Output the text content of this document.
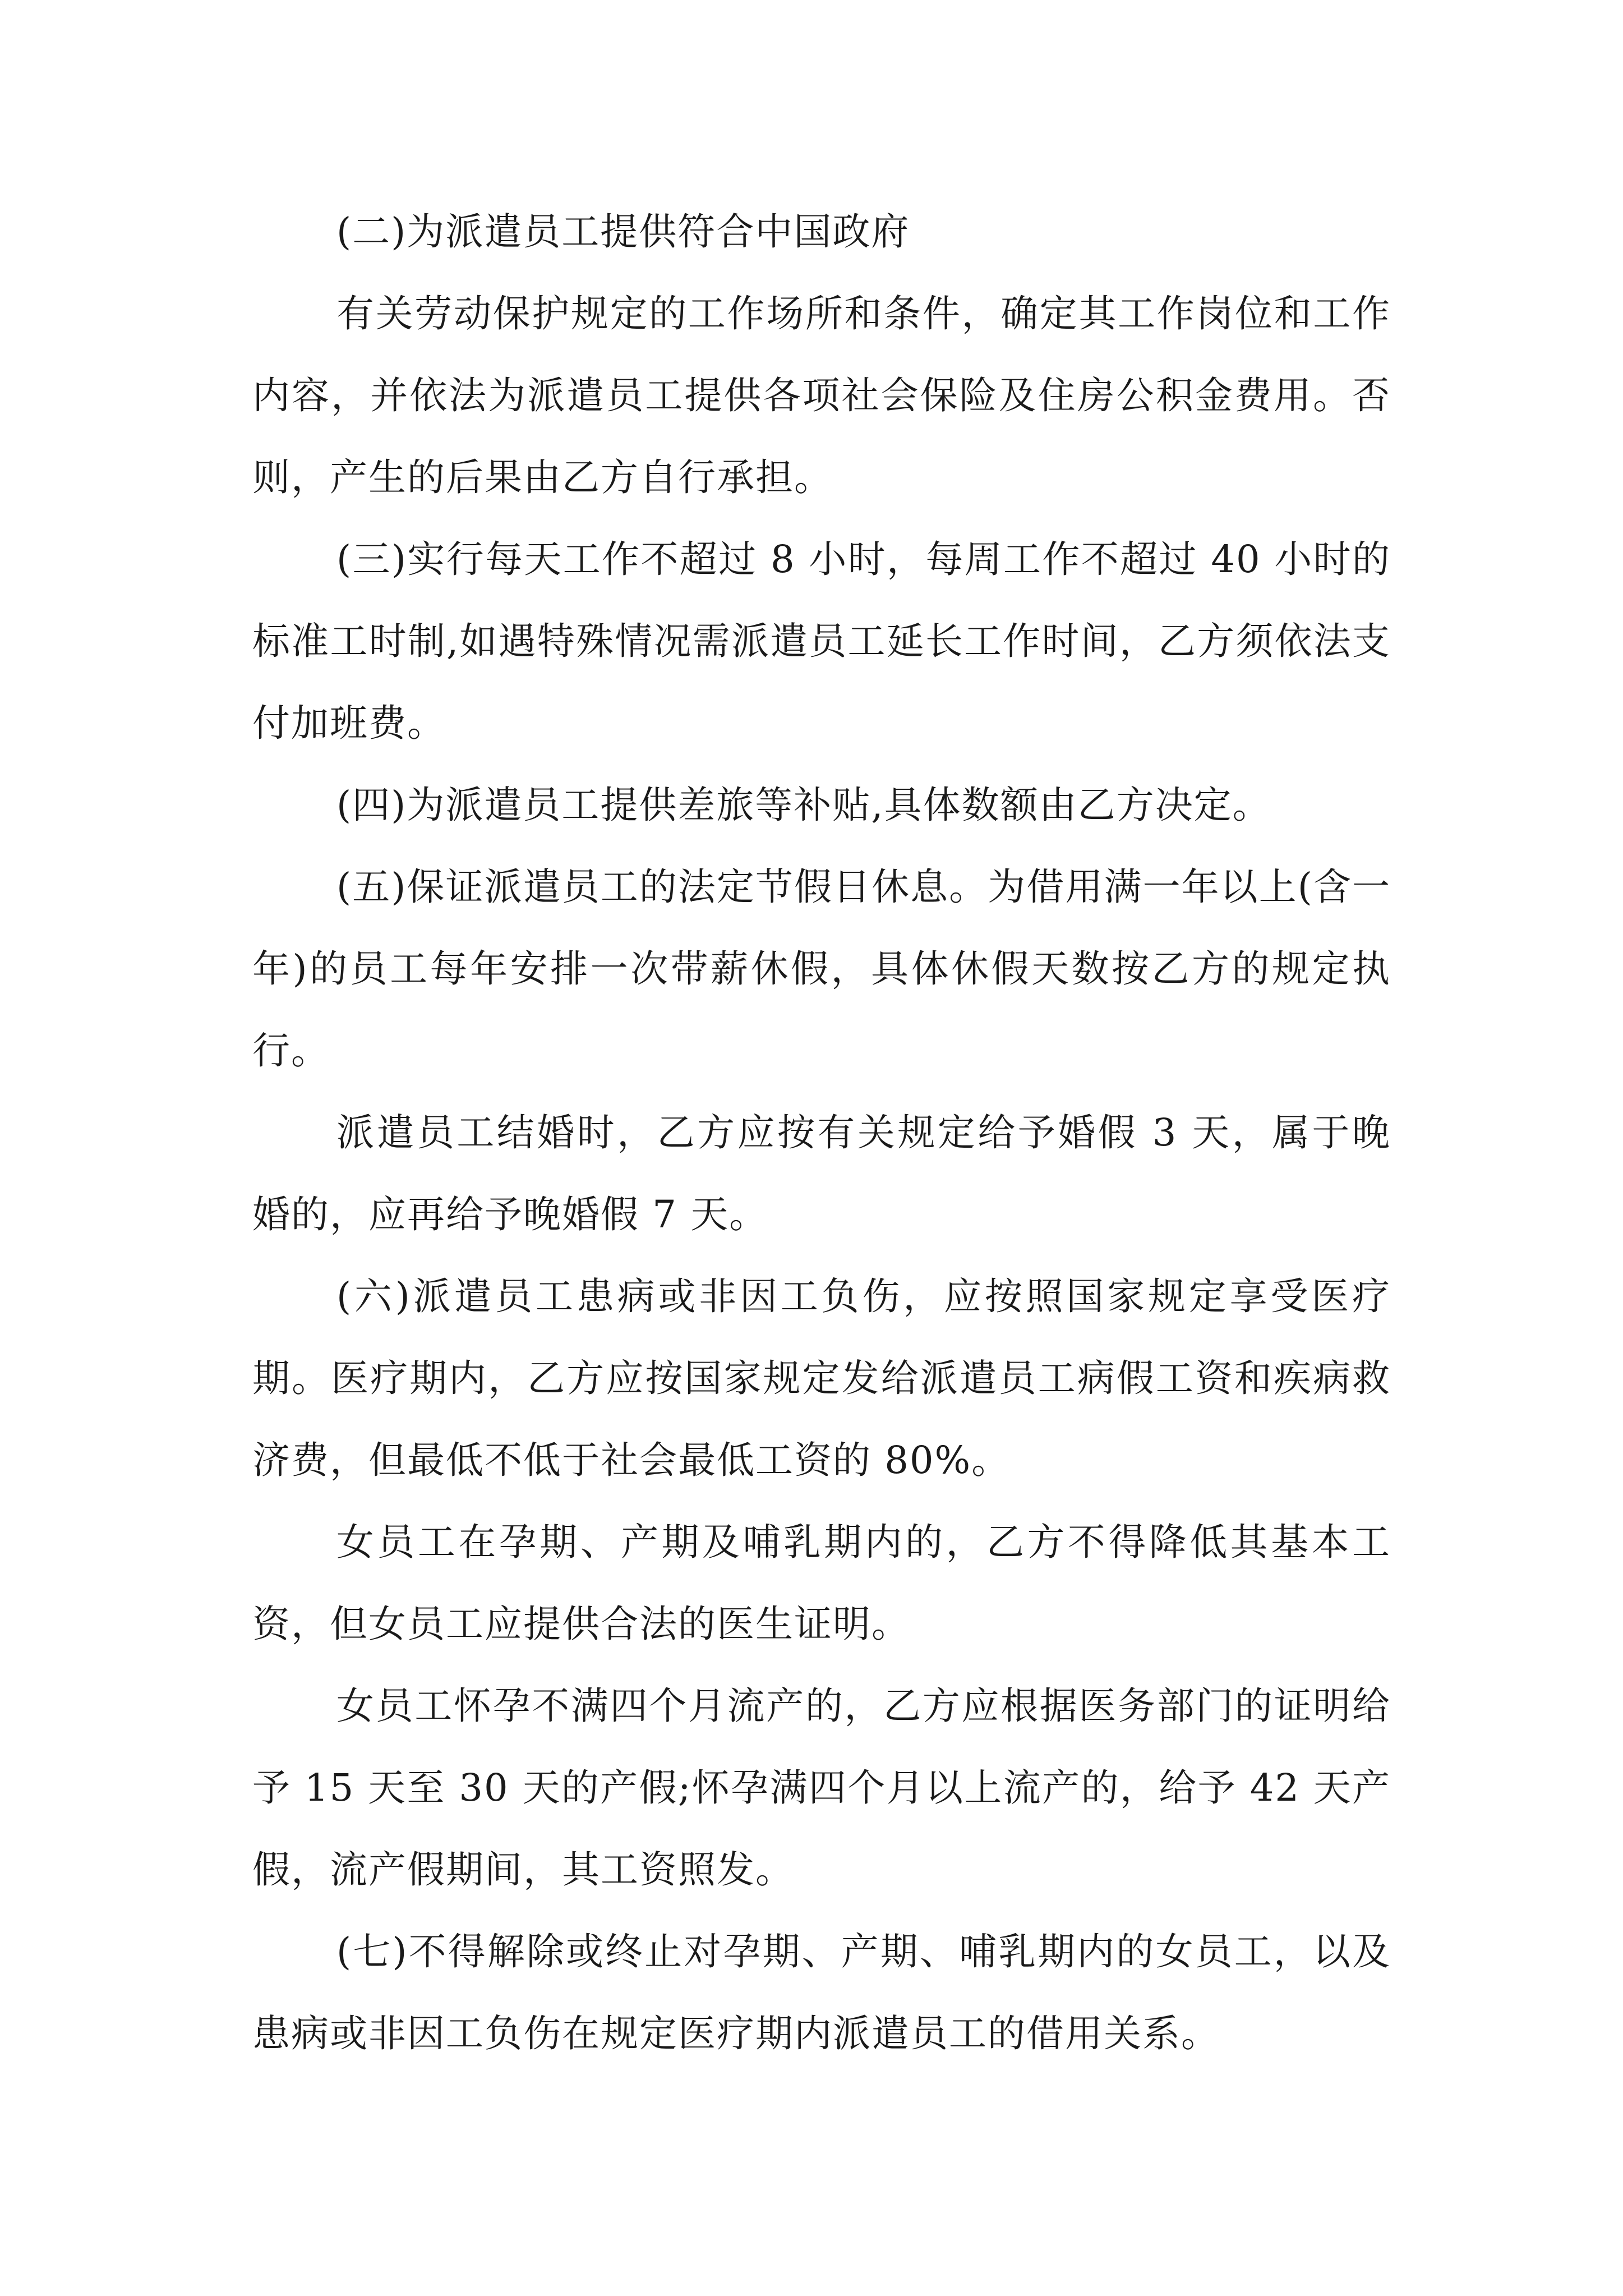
(二)为派遣员工提供符合中国政府

有关劳动保护规定的工作场所和条件，确定其工作岗位和工作内容，并依法为派遣员工提供各项社会保险及住房公积金费用。否则，产生的后果由乙方自行承担。

(三)实行每天工作不超过 8 小时，每周工作不超过 40 小时的标准工时制,如遇特殊情况需派遣员工延长工作时间，乙方须依法支付加班费。

(四)为派遣员工提供差旅等补贴,具体数额由乙方决定。

(五)保证派遣员工的法定节假日休息。为借用满一年以上(含一年)的员工每年安排一次带薪休假，具体休假天数按乙方的规定执行。

派遣员工结婚时，乙方应按有关规定给予婚假 3 天，属于晚婚的，应再给予晚婚假 7 天。

(六)派遣员工患病或非因工负伤，应按照国家规定享受医疗期。医疗期内，乙方应按国家规定发给派遣员工病假工资和疾病救济费，但最低不低于社会最低工资的 80%。

女员工在孕期、产期及哺乳期内的，乙方不得降低其基本工资，但女员工应提供合法的医生证明。

女员工怀孕不满四个月流产的，乙方应根据医务部门的证明给予 15 天至 30 天的产假;怀孕满四个月以上流产的，给予 42 天产假，流产假期间，其工资照发。

(七)不得解除或终止对孕期、产期、哺乳期内的女员工，以及患病或非因工负伤在规定医疗期内派遣员工的借用关系。
